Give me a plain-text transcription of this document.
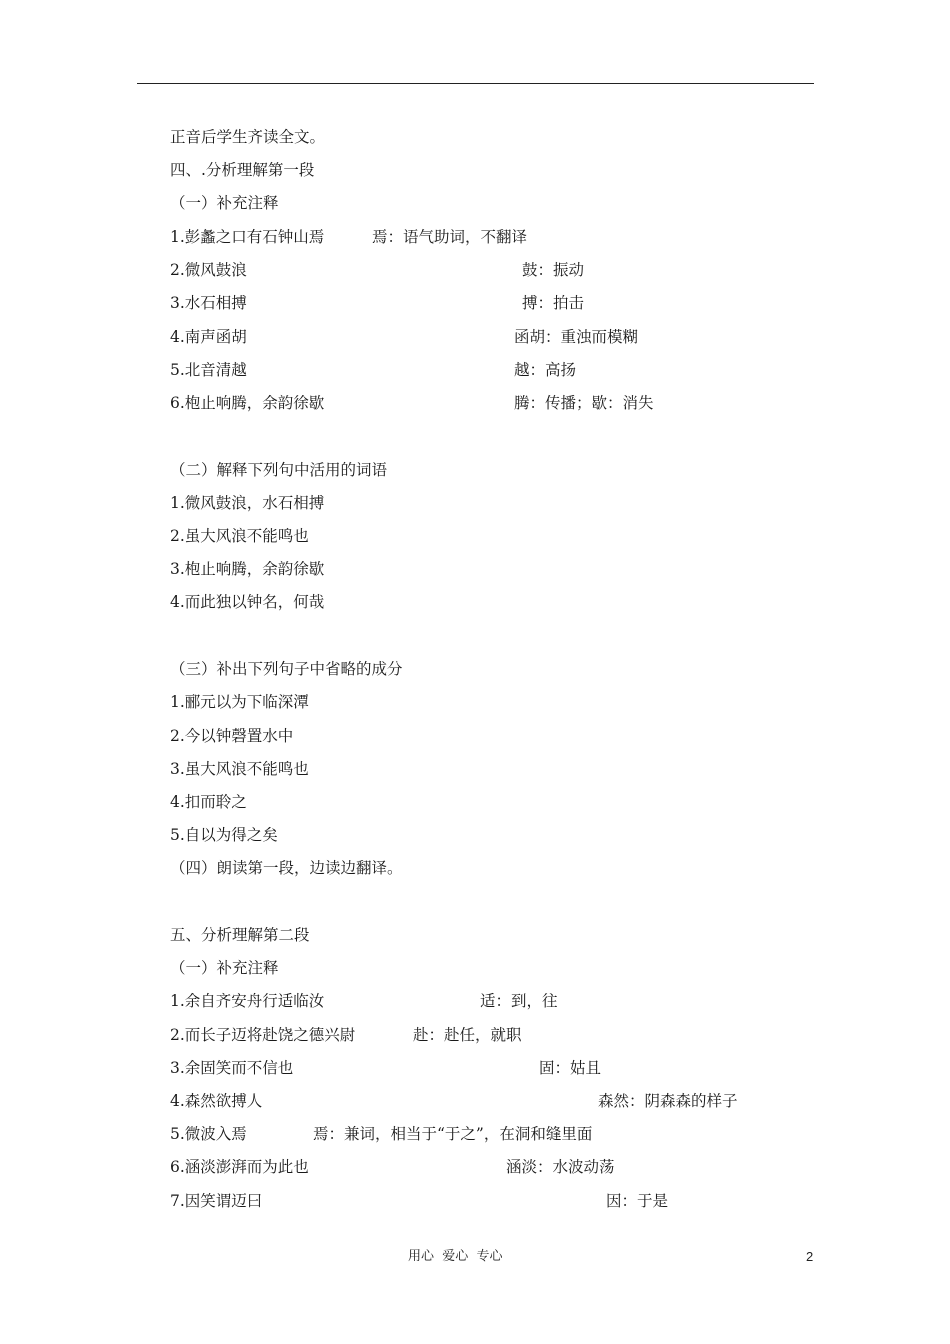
正音后学生齐读全文。
四、.分析理解第一段
（一）补充注释
1.彭蠡之口有石钟山焉	焉：语气助词，不翻译
2.微风鼓浪	鼓：振动
3.水石相搏	搏：拍击
4.南声函胡	函胡：重浊而模糊
5.北音清越	越：高扬
6.枹止响腾，余韵徐歇	腾：传播；歇：消失
（二）解释下列句中活用的词语
1.微风鼓浪，水石相搏
2.虽大风浪不能鸣也
3.枹止响腾，余韵徐歇
4.而此独以钟名，何哉
（三）补出下列句子中省略的成分
1.郦元以为下临深潭
2.今以钟磬置水中
3.虽大风浪不能鸣也
4.扣而聆之
5.自以为得之矣
（四）朗读第一段，边读边翻译。
五、分析理解第二段
（一）补充注释
1.余自齐安舟行适临汝	适：到，往
2.而长子迈将赴饶之德兴尉	赴：赴任，就职
3.余固笑而不信也	固：姑且
4.森然欲搏人	森然：阴森森的样子
5.微波入焉	焉：兼词，相当于“于之”，在洞和缝里面
6.涵淡澎湃而为此也	涵淡：水波动荡
7.因笑谓迈曰	因：于是
用心  爱心  专心	2
